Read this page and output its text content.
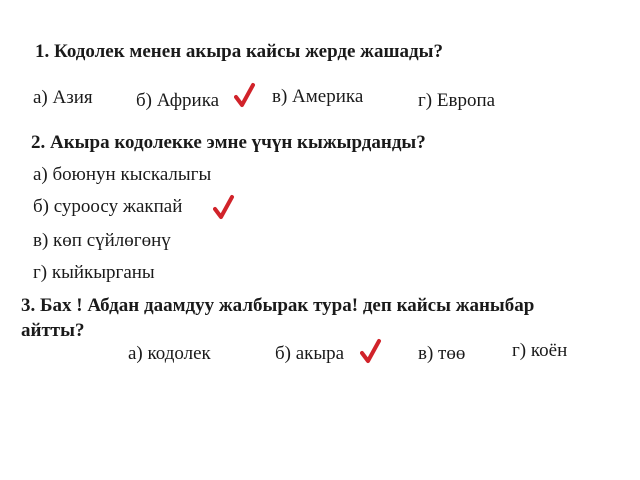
1. Кодолек менен акыра кайсы жерде жашады?
а) Азия б) Африка	в) Америка	г) Европа
2. Акыра кодолекке эмне үчүн кыжырданды?
а) боюнун кыскалыгы
б) суроосу жакпай
в) көп сүйлөгөнү
г) кыйкырганы
3. Бах ! Абдан даамдуу жалбырак тура! деп кайсы жаныбар
айтты?
а) кодолек	б) акыра	в) төө г) коён
